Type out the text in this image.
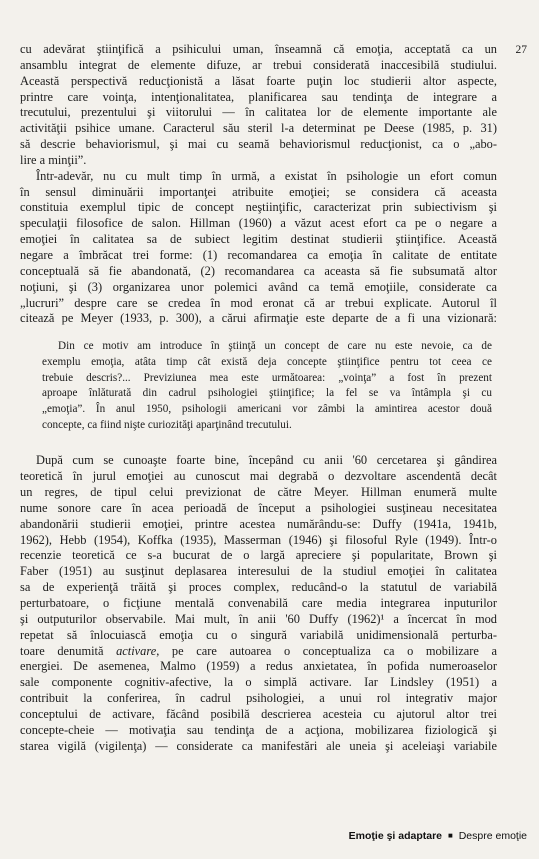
27

cu adevărat ştiinţifică a psihicului uman, înseamnă că emoţia, acceptată ca un
ansamblu integrat de elemente difuze, ar trebui considerată inaccesibilă studiului.
Această perspectivă reducţionistă a lăsat foarte puţin loc studierii altor aspecte,
printre care voinţa, intenţionalitatea, planificarea sau tendinţa de integrare a
trecutului, prezentului şi viitorului — în calitatea lor de elemente importante ale
activităţii psihice umane. Caracterul său steril l-a determinat pe Deese (1985, p. 31)
să descrie behaviorismul, şi mai cu seamă behaviorismul reducţionist, ca o „abo-
lire a minţii”.

Într-adevăr, nu cu mult timp în urmă, a existat în psihologie un efort comun
în sensul diminuării importanţei atribuite emoţiei; se considera că aceasta
constituia exemplul tipic de concept neştiinţific, caracterizat prin subiectivism şi
speculaţii filosofice de salon. Hillman (1960) a văzut acest efort ca pe o negare a
emoţiei în calitatea sa de subiect legitim destinat studierii ştiinţifice. Această
negare a îmbrăcat trei forme: (1) recomandarea ca emoţia în calitate de entitate
conceptuală să fie abandonată, (2) recomandarea ca aceasta să fie subsumată altor
noţiuni, şi (3) organizarea unor polemici având ca temă emoţiile, considerate ca
„lucruri” despre care se credea în mod eronat că ar trebui explicate. Autorul îl
citează pe Meyer (1933, p. 300), a cărui afirmaţie este departe de a fi una vizionară:

Din ce motiv am introduce în ştiinţă un concept de care nu este nevoie, ca de
exemplu emoţia, atâta timp cât există deja concepte ştiinţifice pentru tot ceea ce
trebuie descris?... Previziunea mea este următoarea: „voinţa” a fost în prezent
aproape înlăturată din cadrul psihologiei ştiinţifice; la fel se va întâmpla şi cu
„emoţia”. În anul 1950, psihologii americani vor zâmbi la amintirea acestor două
concepte, ca fiind nişte curiozităţi aparţinând trecutului.

După cum se cunoaşte foarte bine, începând cu anii '60 cercetarea şi gândirea
teoretică în jurul emoţiei au cunoscut mai degrabă o dezvoltare ascendentă decât
un regres, de tipul celui previzionat de către Meyer. Hillman enumeră multe
nume sonore care în acea perioadă de început a psihologiei susţineau necesitatea
abandonării studierii emoţiei, printre acestea numărându-se: Duffy (1941a, 1941b,
1962), Hebb (1954), Koffka (1935), Masserman (1946) şi filosoful Ryle (1949). Într-o
recenzie teoretică ce s-a bucurat de o largă apreciere şi popularitate, Brown şi
Faber (1951) au susţinut deplasarea interesului de la studiul emoţiei în calitatea
sa de experienţă trăită şi proces complex, reducând-o la statutul de variabilă
perturbatoare, o ficţiune mentală convenabilă care media integrarea inputurilor
şi outputurilor observabile. Mai mult, în anii '60 Duffy (1962)¹ a încercat în mod
repetat să înlocuiască emoţia cu o singură variabilă unidimensională perturba-
toare denumită activare, pe care autoarea o conceptualiza ca o mobilizare a
energiei. De asemenea, Malmo (1959) a redus anxietatea, în pofida numeroaselor
sale componente cognitiv-afective, la o simplă activare. Iar Lindsley (1951) a
contribuit la conferirea, în cadrul psihologiei, a unui rol integrativ major
conceptului de activare, făcând posibilă descrierea acesteia cu ajutorul altor trei
concepte-cheie — motivaţia sau tendinţa de a acţiona, mobilizarea fiziologică şi
starea vigilă (vigilenţa) — considerate ca manifestări ale uneia şi aceleiaşi variabile

Emoţie şi adaptare ■ Despre emoţie
